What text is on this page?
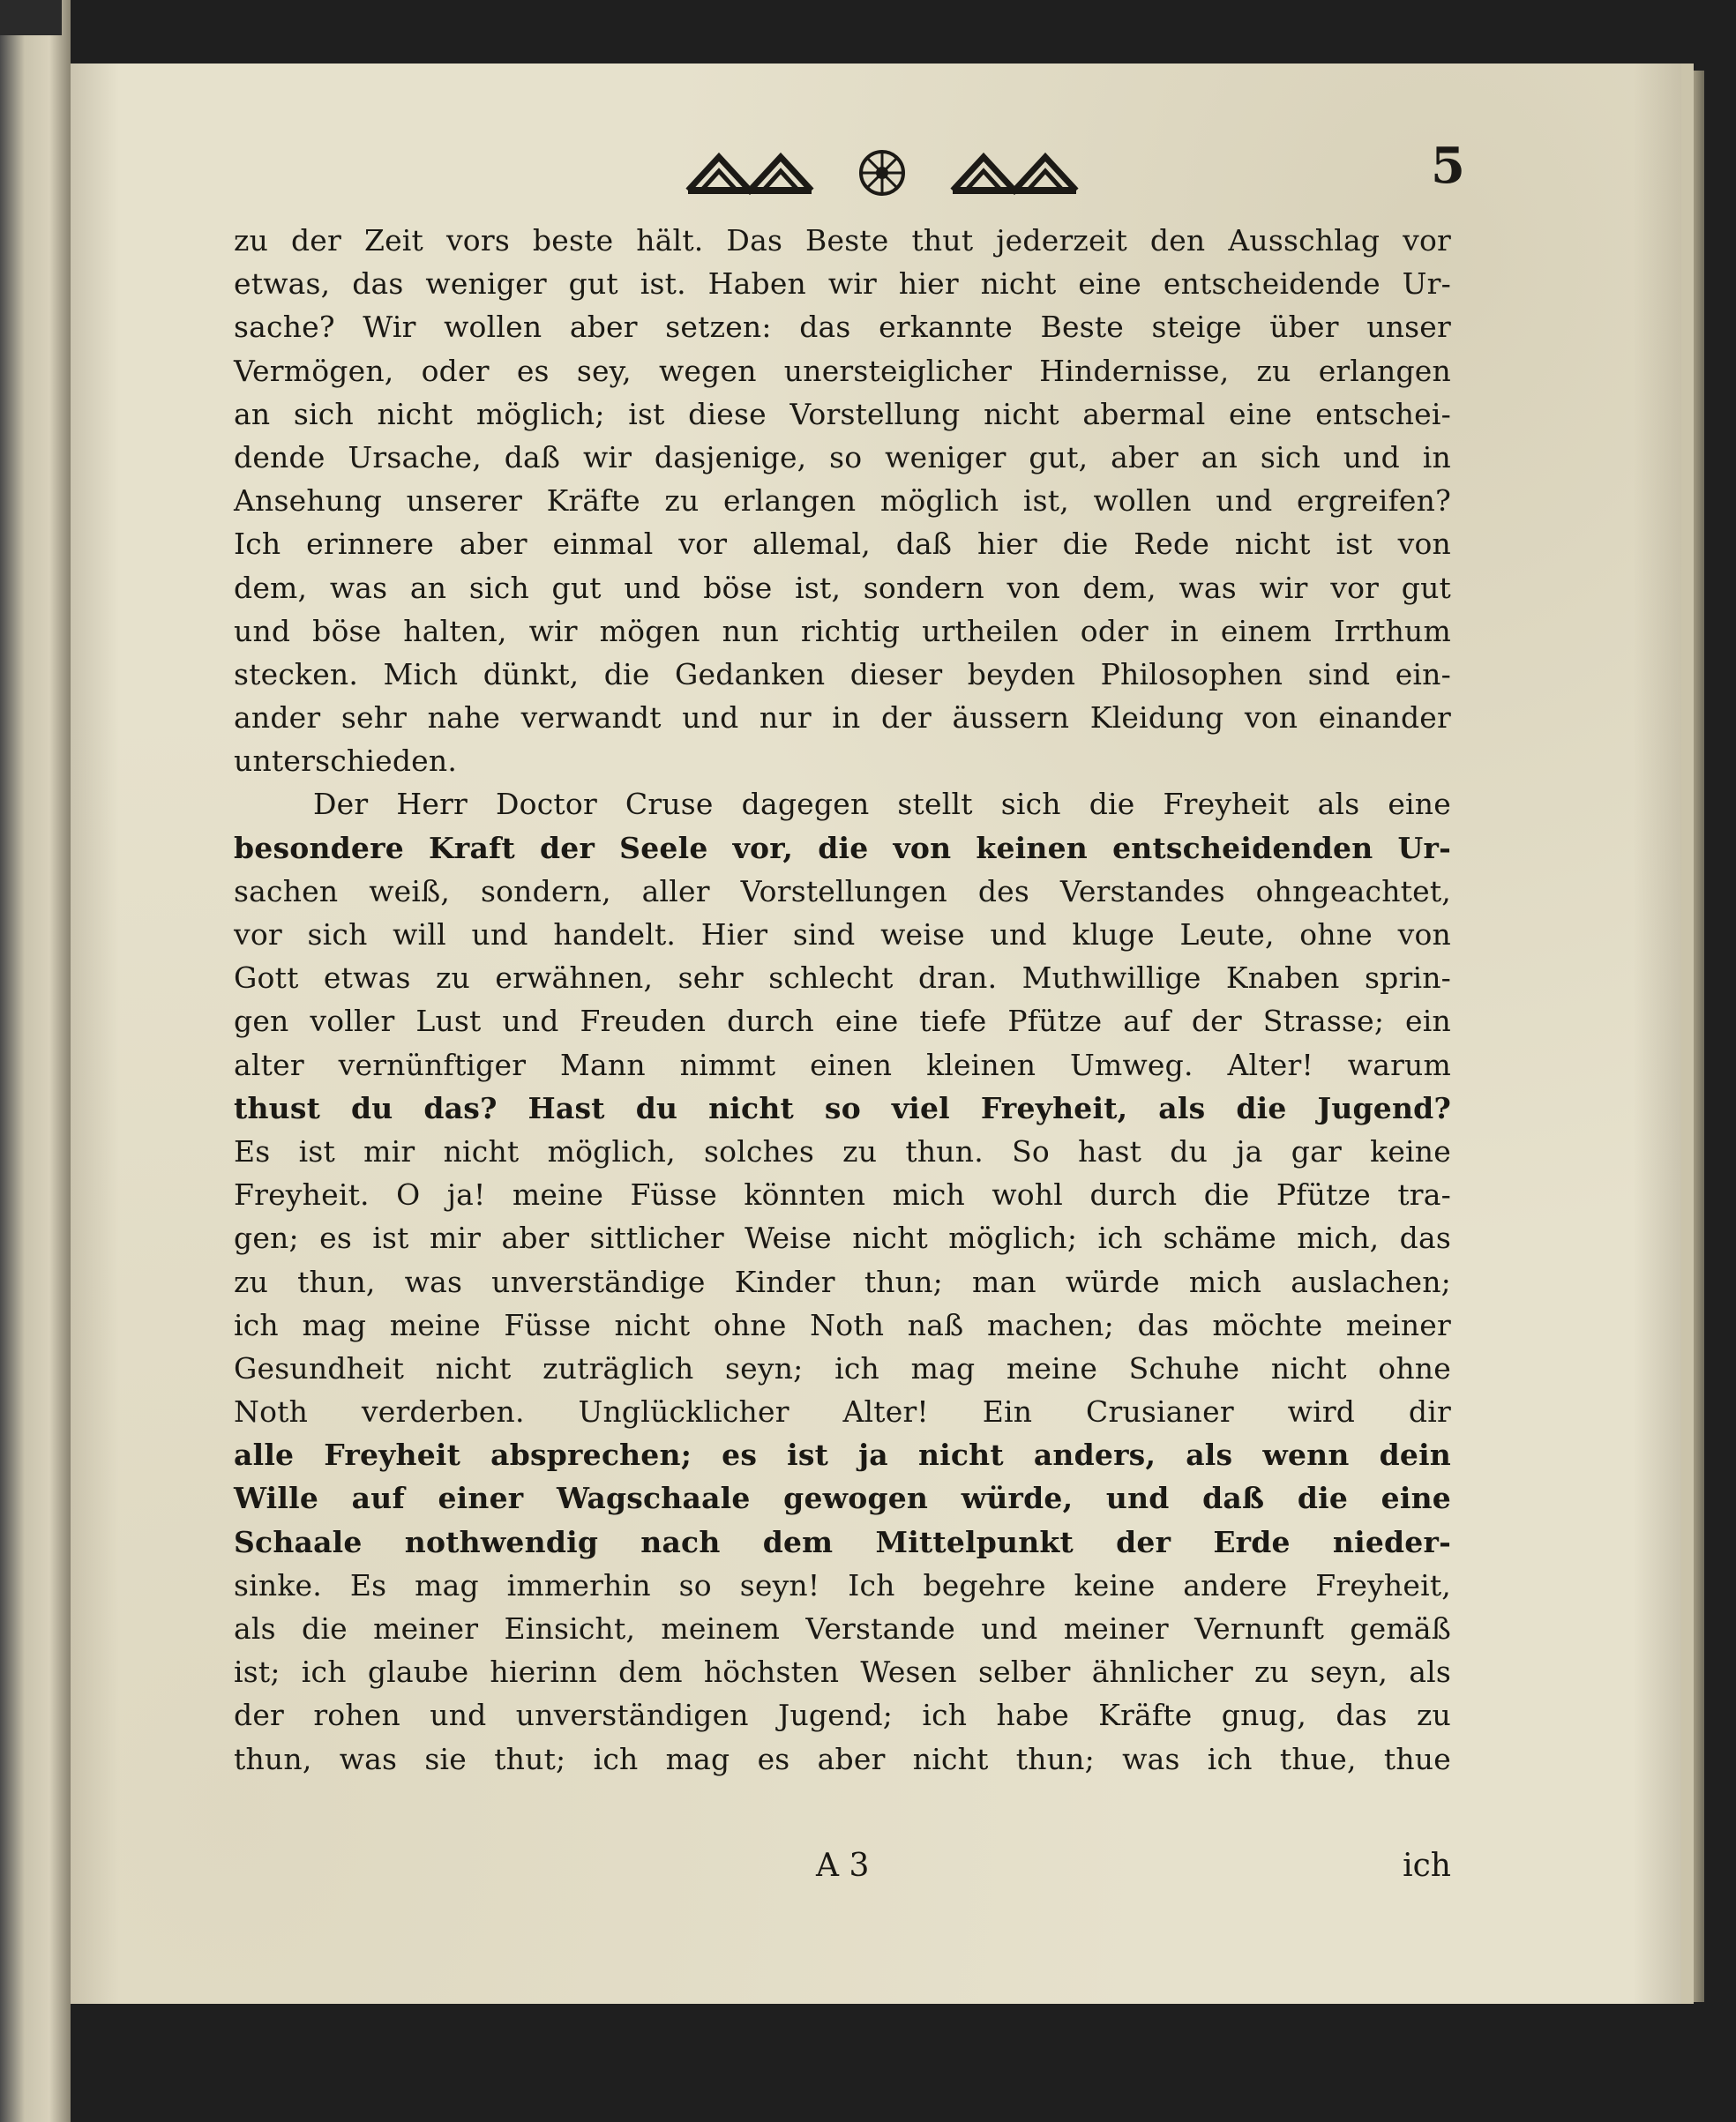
5
zu der Zeit vors beste hält. Das Beste thut jederzeit den Ausschlag vor
etwas, das weniger gut ist. Haben wir hier nicht eine entscheidende Ur-
sache? Wir wollen aber setzen: das erkannte Beste steige über unser
Vermögen, oder es sey, wegen unersteiglicher Hindernisse, zu erlangen
an sich nicht möglich; ist diese Vorstellung nicht abermal eine entschei-
dende Ursache, daß wir dasjenige, so weniger gut, aber an sich und in
Ansehung unserer Kräfte zu erlangen möglich ist, wollen und ergreifen?
Ich erinnere aber einmal vor allemal, daß hier die Rede nicht ist von
dem, was an sich gut und böse ist, sondern von dem, was wir vor gut
und böse halten, wir mögen nun richtig urtheilen oder in einem Irrthum
stecken. Mich dünkt, die Gedanken dieser beyden Philosophen sind ein-
ander sehr nahe verwandt und nur in der äussern Kleidung von einander
unterschieden.
Der Herr Doctor Cruse dagegen stellt sich die Freyheit als eine
besondere Kraft der Seele vor, die von keinen entscheidenden Ur-
sachen weiß, sondern, aller Vorstellungen des Verstandes ohngeachtet,
vor sich will und handelt. Hier sind weise und kluge Leute, ohne von
Gott etwas zu erwähnen, sehr schlecht dran. Muthwillige Knaben sprin-
gen voller Lust und Freuden durch eine tiefe Pfütze auf der Strasse; ein
alter vernünftiger Mann nimmt einen kleinen Umweg. Alter! warum
thust du das? Hast du nicht so viel Freyheit, als die Jugend?
Es ist mir nicht möglich, solches zu thun. So hast du ja gar keine
Freyheit. O ja! meine Füsse könnten mich wohl durch die Pfütze tra-
gen; es ist mir aber sittlicher Weise nicht möglich; ich schäme mich, das
zu thun, was unverständige Kinder thun; man würde mich auslachen;
ich mag meine Füsse nicht ohne Noth naß machen; das möchte meiner
Gesundheit nicht zuträglich seyn; ich mag meine Schuhe nicht ohne
Noth verderben. Unglücklicher Alter! Ein Crusianer wird dir
alle Freyheit absprechen; es ist ja nicht anders, als wenn dein
Wille auf einer Wagschaale gewogen würde, und daß die eine
Schaale nothwendig nach dem Mittelpunkt der Erde nieder-
sinke. Es mag immerhin so seyn! Ich begehre keine andere Freyheit,
als die meiner Einsicht, meinem Verstande und meiner Vernunft gemäß
ist; ich glaube hierinn dem höchsten Wesen selber ähnlicher zu seyn, als
der rohen und unverständigen Jugend; ich habe Kräfte gnug, das zu
thun, was sie thut; ich mag es aber nicht thun; was ich thue, thue
A 3	ich
